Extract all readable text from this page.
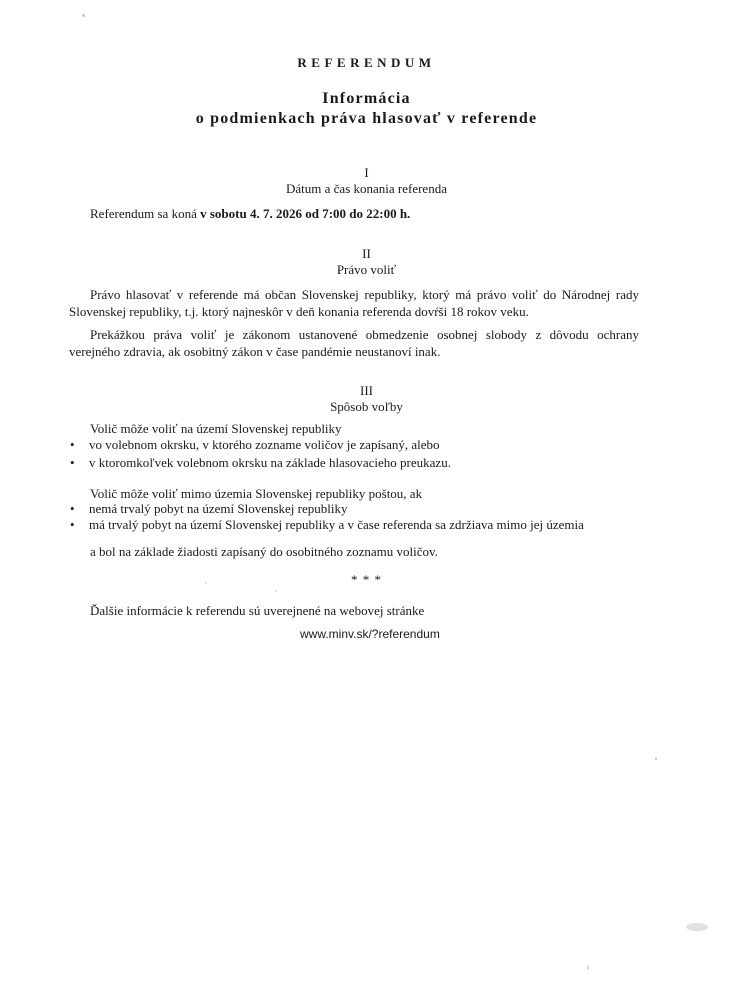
REFERENDUM
Informácia
o podmienkach práva hlasovať v referende
I
Dátum a čas konania referenda
Referendum sa koná v sobotu 4. 7. 2026 od 7:00 do 22:00 h.
II
Právo voliť
Právo hlasovať v referende má občan Slovenskej republiky, ktorý má právo voliť do Národnej rady
Slovenskej republiky, t.j. ktorý najneskôr v deň konania referenda dovŕši 18 rokov veku.
Prekážkou práva voliť je zákonom ustanovené obmedzenie osobnej slobody z dôvodu ochrany
verejného zdravia, ak osobitný zákon v čase pandémie neustanoví inak.
III
Spôsob voľby
Volič môže voliť na území Slovenskej republiky
• vo volebnom okrsku, v ktorého zozname voličov je zapísaný, alebo
• v ktoromkoľvek volebnom okrsku na základe hlasovacieho preukazu.
Volič môže voliť mimo územia Slovenskej republiky poštou, ak
• nemá trvalý pobyt na území Slovenskej republiky
• má trvalý pobyt na území Slovenskej republiky a v čase referenda sa zdržiava mimo jej územia
a bol na základe žiadosti zapísaný do osobitného zoznamu voličov.
* * *
Ďalšie informácie k referendu sú uverejnené na webovej stránke
www.minv.sk/?referendum
